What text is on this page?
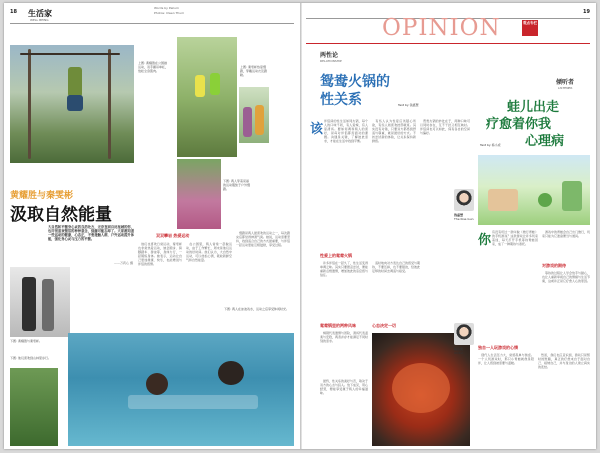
18 生活家
WELL BEING
Words by Peilum
Photos: Owen Thum
上图: 黄耀胜在公园做运动，双手握吊单杠，放松全身肌肉。
黄耀胜与秦雯彬
汲取自然能量
大自然和平衡身心灵的良药处方，无奈直面自闭星城的你，也许很喜欢慢活的种种意念，保藤可能忘却了。大家都知道一些运动的健康，心态正，不要接触人群，户外运动提升体能，强化身心灵与压力的平衡。
——万莉心 摄
上图: 秦雯彬热爱慢跑，穿戴运动衣及跑鞋。
下图: 两人穿着亮丽的运动服装于户外慢跑。
双双攀岩 热爱运动
　他们也喜欢日常运动，秦雯彬也非常热爱运动，她会跑步、骑脚踏车、游泳等，身体力行，一起锻炼身体。她表示，运动让自己更加健康、快乐，也能增进与伴侣的感情。
　在公园里，两人常常一起做运动，由于工作繁忙，周末是他们运动的好时间。他们认为，大自然中运动，可以放松心情，吸收新鲜空气和自然能量。
　慢跑是两人最喜欢的运动之一，每次跑完后都觉得神清气爽。她说，运动需要坚持，找到适合自己的方式最重要，与伴侣一起运动更能互相鼓励，享受过程。
下图: 黄耀胜与秦雯彬。
下图: 他们喜欢到山林里步行。
下图: 两人在泳池戏水，运动之后享受休闲时光。
19
OPINION	观点专栏
两性论
RELATIONSHIP
鸳鸯火锅的
性关系	Text by 钱嘉慧
该
伴侣间的性生活如同火锅，每个人的口味不同，有人爱辣，有人爱清汤。要如何调和两人的喜好，是每对伴侣都需面对的课题。沟通是关键，了解彼此需求，才能在生活中找到平衡。
　有些人认为性爱应该随心所欲，有些人则喜欢按部就班。其实没有对错，只要双方都感到舒适与尊重，就是最好的方式。不妨尝试新的体验，让关系保持新鲜感。
　鸳鸯火锅的妙处在于，两种口味可以同时存在，互不干扰又相互映衬。伴侣间也可以如此，保有各自的空间与偏好。
性爱上的鸳鸯火锅
　许多伴侣在一起久了，性生活变得单调乏味。其实只要愿意尝试，便能重新点燃激情，增加彼此的亲密感与信任。
　适时地向对方表达自己的感受与期待，不要压抑，也不要强迫，给彼此足够的时间去调适与接受。
鸳鸯锅里的两种风味
　辣锅代表激情与冒险，清汤代表温柔与安稳，两者并存才能满足不同时刻的需求。
心态决定一切
　最终，性关系的美好与否，取决于双方的心态与投入。放下成见，用心经营，便能享受属于两人的幸福滋味。
钱嘉慧
The Kiss Gun
杨小虎
Writer
倾听者
LISTENER
蛙儿出走
疗愈着你我
心理病
Text by 杨小虎
你
有没有玩过一款叫做《旅行青蛙》的手机游戏？这款游戏让许多玩家着迷，每天打开手机等待青蛙回家，成了一种期待与寄托。
　游戏中的青蛙会自己出门旅行，玩家只能为它准备便当与道具。
对游戏的期待
　等待的过程让人学会放手与耐心，也让人重新审视自己的情绪与生活节奏，这或许正是它疗愈人心的原因。
独自一人玩游戏的心情
　现代人生活压力大，常感孤单与焦虑。一个人玩游戏时，那只小青蛙就像是陪伴，让人感到被需要与温暖。
　然而，我们也应意识到，游戏只是暂时的慰藉，真正的疗愈来自于面对自己、接纳自己，并与身边的人建立真实的连结。
